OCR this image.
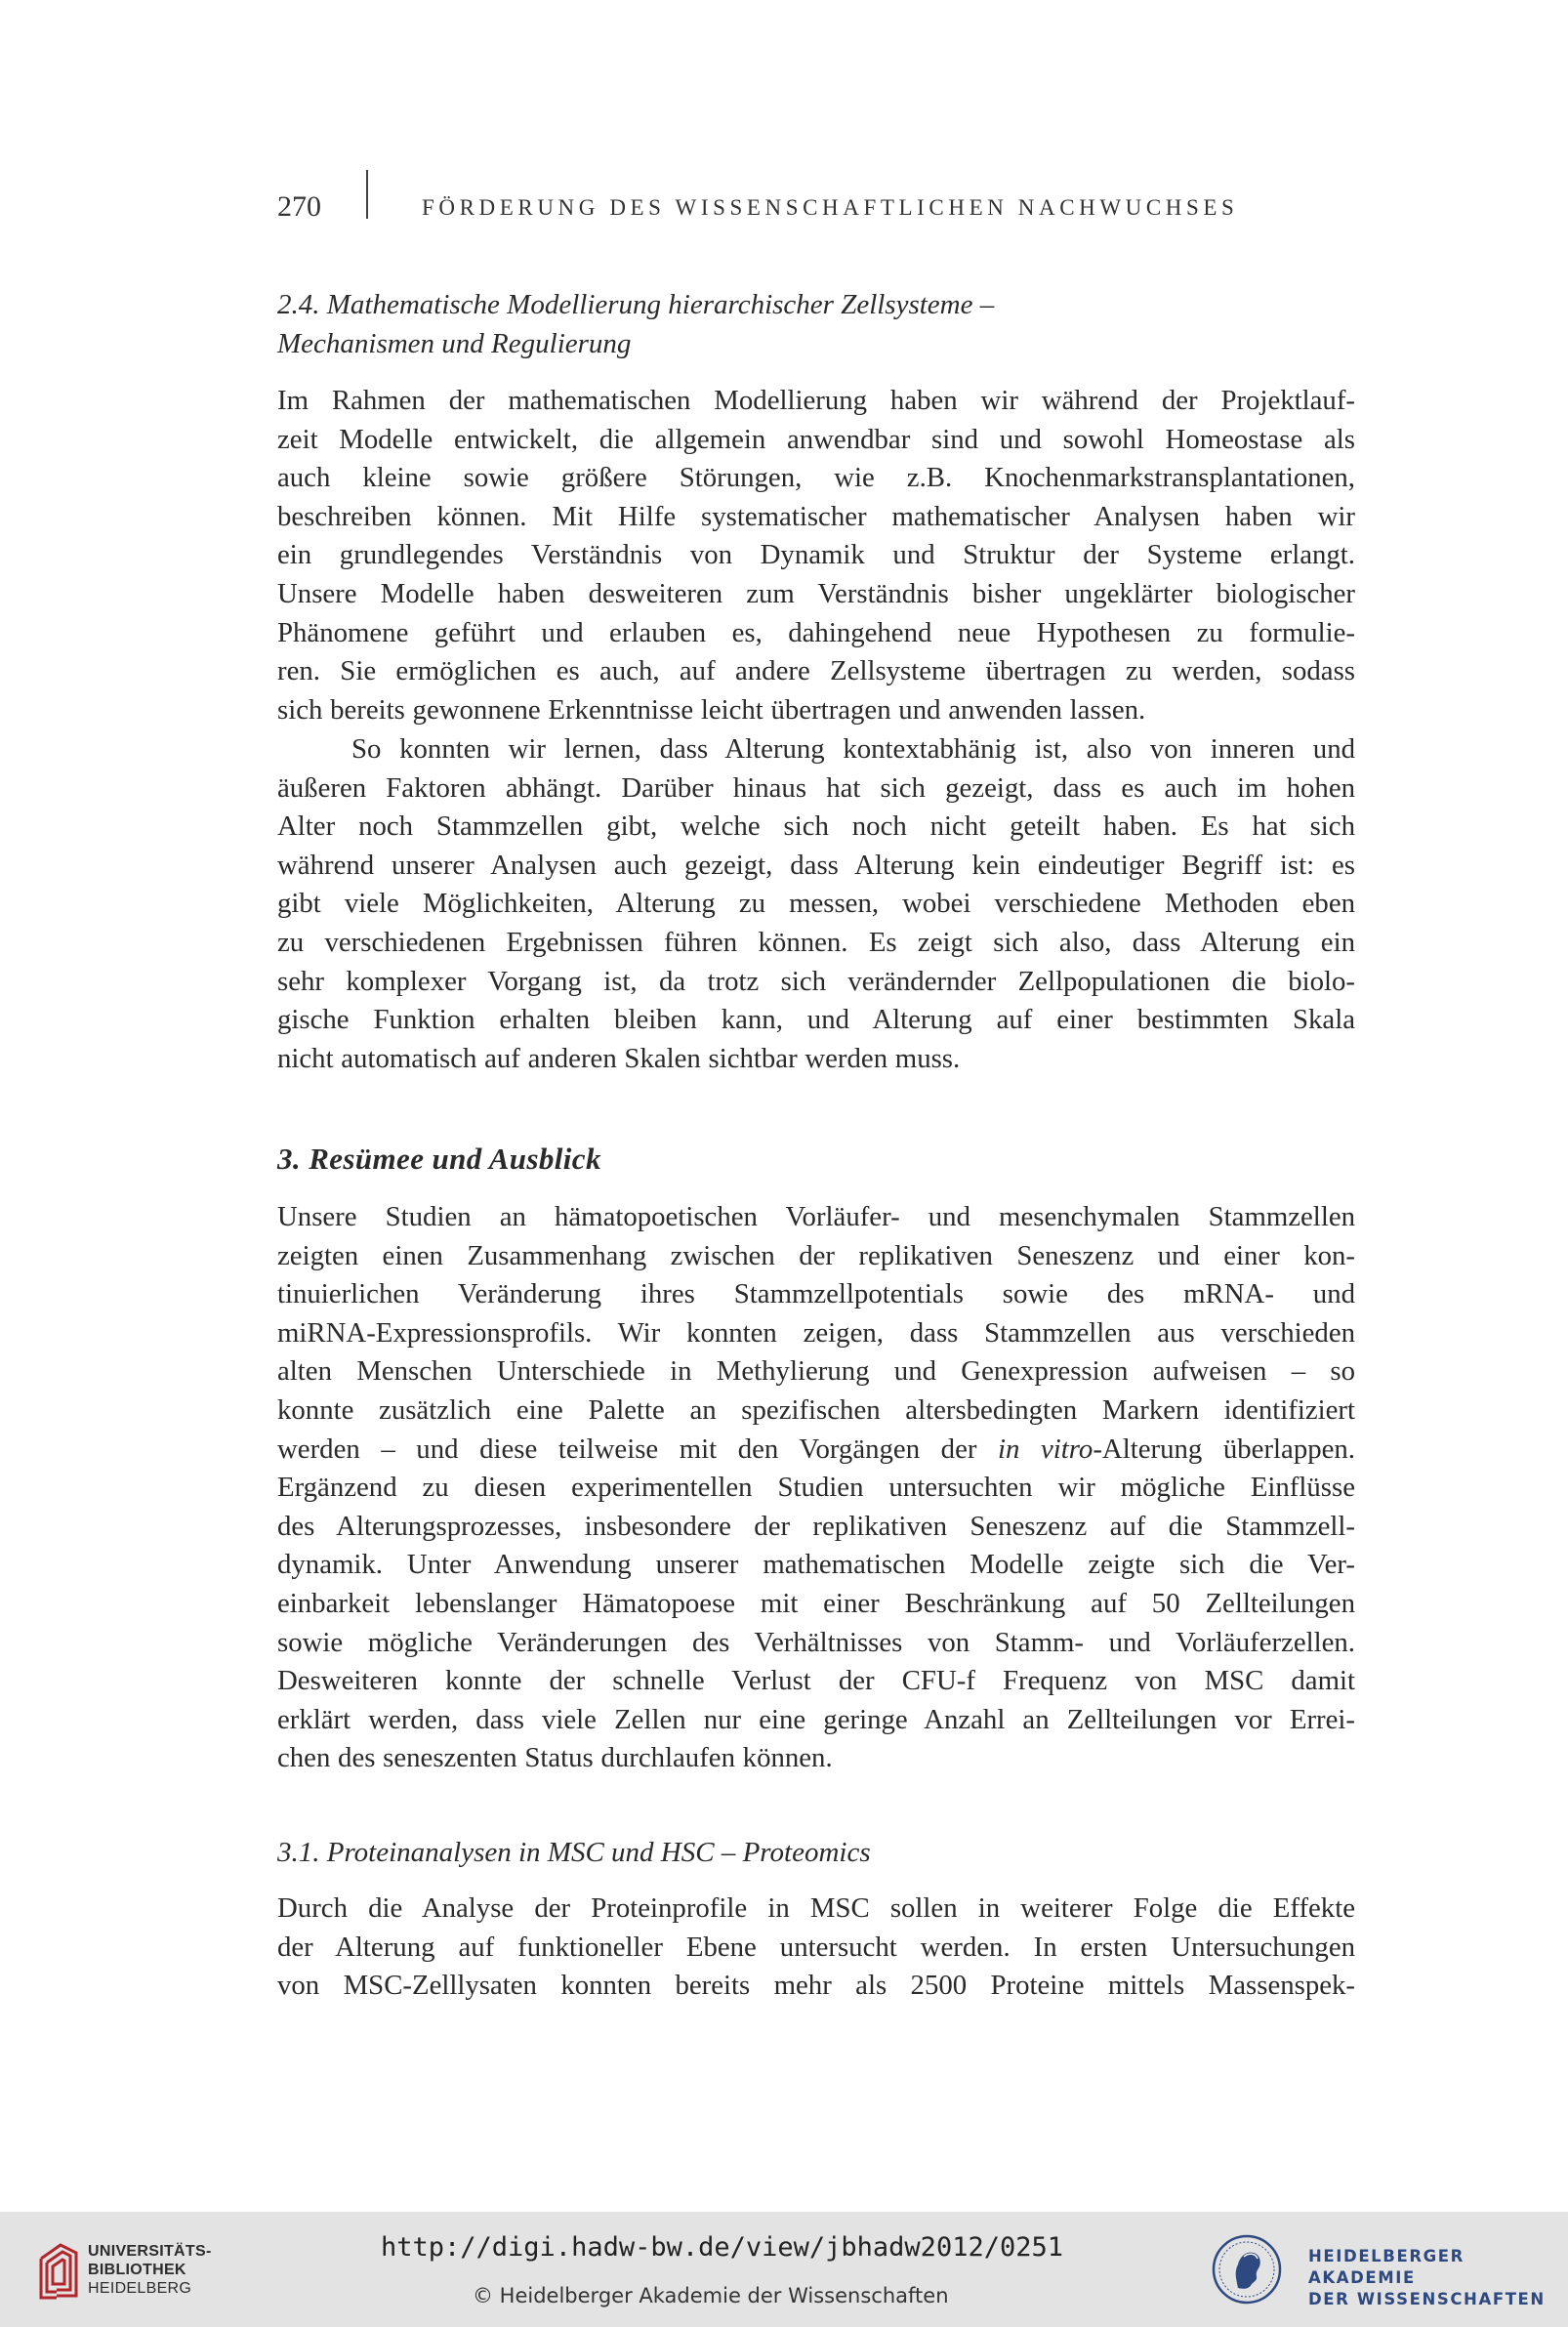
270	FÖRDERUNG DES WISSENSCHAFTLICHEN NACHWUCHSES

2.4. Mathematische Modellierung hierarchischer Zellsysteme –

Mechanismen und Regulierung

Im Rahmen der mathematischen Modellierung haben wir während der Projektlauf-

zeit Modelle entwickelt, die allgemein anwendbar sind und sowohl Homeostase als

auch kleine sowie größere Störungen, wie z.B. Knochenmarkstransplantationen,

beschreiben können. Mit Hilfe systematischer mathematischer Analysen haben wir

ein grundlegendes Verständnis von Dynamik und Struktur der Systeme erlangt.

Unsere Modelle haben desweiteren zum Verständnis bisher ungeklärter biologischer

Phänomene geführt und erlauben es, dahingehend neue Hypothesen zu formulie-

ren. Sie ermöglichen es auch, auf andere Zellsysteme übertragen zu werden, sodass

sich bereits gewonnene Erkenntnisse leicht übertragen und anwenden lassen.

So konnten wir lernen, dass Alterung kontextabhänig ist, also von inneren und

äußeren Faktoren abhängt. Darüber hinaus hat sich gezeigt, dass es auch im hohen

Alter noch Stammzellen gibt, welche sich noch nicht geteilt haben. Es hat sich

während unserer Analysen auch gezeigt, dass Alterung kein eindeutiger Begriff ist: es

gibt viele Möglichkeiten, Alterung zu messen, wobei verschiedene Methoden eben

zu verschiedenen Ergebnissen führen können. Es zeigt sich also, dass Alterung ein

sehr komplexer Vorgang ist, da trotz sich verändernder Zellpopulationen die biolo-

gische Funktion erhalten bleiben kann, und Alterung auf einer bestimmten Skala

nicht automatisch auf anderen Skalen sichtbar werden muss.

3. Resümee und Ausblick

Unsere Studien an hämatopoetischen Vorläufer- und mesenchymalen Stammzellen

zeigten einen Zusammenhang zwischen der replikativen Seneszenz und einer kon-

tinuierlichen Veränderung ihres Stammzellpotentials sowie des mRNA- und

miRNA-Expressionsprofils. Wir konnten zeigen, dass Stammzellen aus verschieden

alten Menschen Unterschiede in Methylierung und Genexpression aufweisen – so

konnte zusätzlich eine Palette an spezifischen altersbedingten Markern identifiziert

werden – und diese teilweise mit den Vorgängen der in vitro-Alterung überlappen.

Ergänzend zu diesen experimentellen Studien untersuchten wir mögliche Einflüsse

des Alterungsprozesses, insbesondere der replikativen Seneszenz auf die Stammzell-

dynamik. Unter Anwendung unserer mathematischen Modelle zeigte sich die Ver-

einbarkeit lebenslanger Hämatopoese mit einer Beschränkung auf 50 Zellteilungen

sowie mögliche Veränderungen des Verhältnisses von Stamm- und Vorläuferzellen.

Desweiteren konnte der schnelle Verlust der CFU-f Frequenz von MSC damit

erklärt werden, dass viele Zellen nur eine geringe Anzahl an Zellteilungen vor Errei-

chen des seneszenten Status durchlaufen können.

3.1. Proteinanalysen in MSC und HSC – Proteomics

Durch die Analyse der Proteinprofile in MSC sollen in weiterer Folge die Effekte

der Alterung auf funktioneller Ebene untersucht werden. In ersten Untersuchungen

von MSC-Zelllysaten konnten bereits mehr als 2500 Proteine mittels Massenspek-

UNIVERSITÄTS-
BIBLIOTHEK
HEIDELBERG
http://digi.hadw-bw.de/view/jbhadw2012/0251
© Heidelberger Akademie der Wissenschaften
HEIDELBERGER AKADEMIE
DER WISSENSCHAFTEN
